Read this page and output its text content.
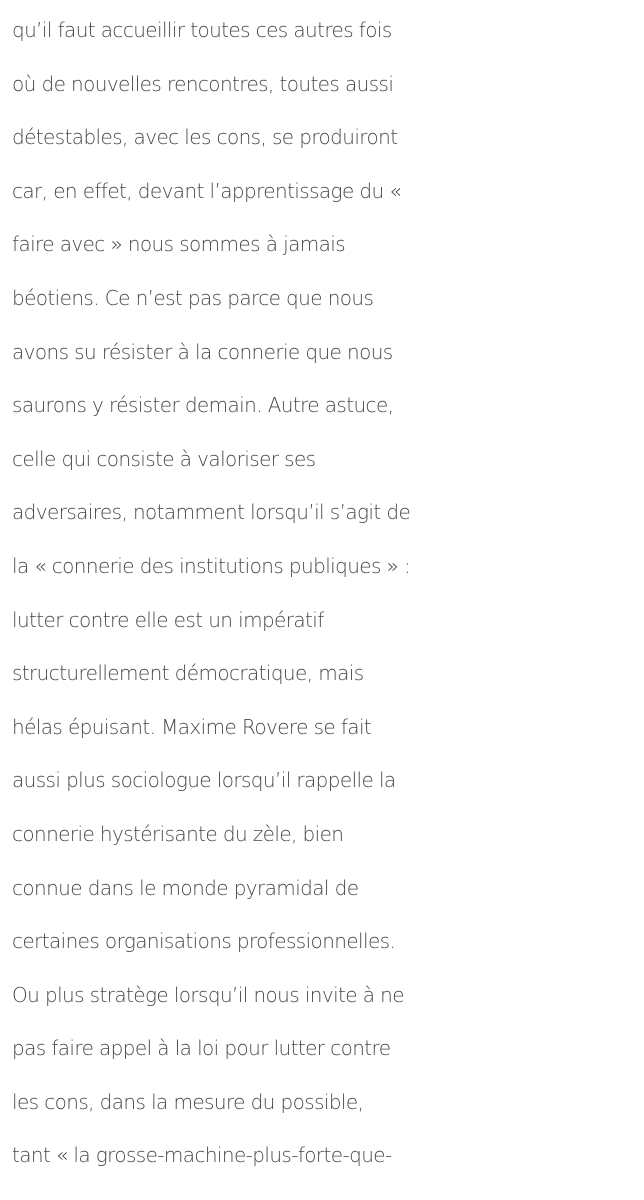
qu’il faut accueillir toutes ces autres fois
où de nouvelles rencontres, toutes aussi
détestables, avec les cons, se produiront
car, en effet, devant l’apprentissage du «
faire avec » nous sommes à jamais
béotiens. Ce n’est pas parce que nous
avons su résister à la connerie que nous
saurons y résister demain. Autre astuce,
celle qui consiste à valoriser ses
adversaires, notamment lorsqu’il s’agit de
la « connerie des institutions publiques » :
lutter contre elle est un impératif
structurellement démocratique, mais
hélas épuisant. Maxime Rovere se fait
aussi plus sociologue lorsqu’il rappelle la
connerie hystérisante du zèle, bien
connue dans le monde pyramidal de
certaines organisations professionnelles.
Ou plus stratège lorsqu’il nous invite à ne
pas faire appel à la loi pour lutter contre
les cons, dans la mesure du possible,
tant « la grosse-machine-plus-forte-que-
